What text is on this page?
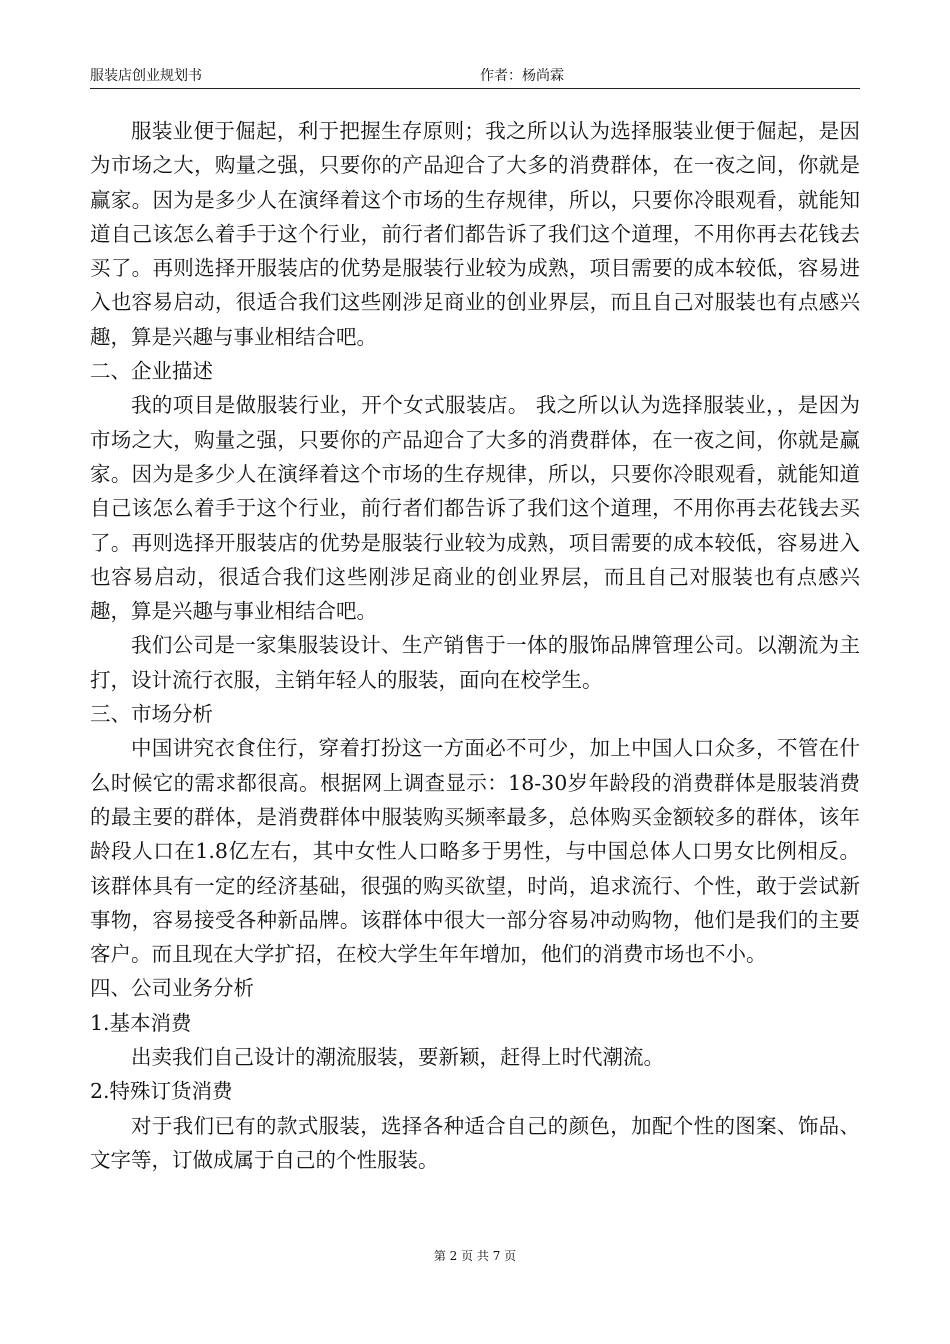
服装店创业规划书	作者：杨尚霖

服装业便于倔起，利于把握生存原则；我之所以认为选择服装业便于倔起，是因为市场之大，购量之强，只要你的产品迎合了大多的消费群体，在一夜之间，你就是赢家。因为是多少人在演绎着这个市场的生存规律，所以，只要你冷眼观看，就能知道自己该怎么着手于这个行业，前行者们都告诉了我们这个道理，不用你再去花钱去买了。再则选择开服装店的优势是服装行业较为成熟，项目需要的成本较低，容易进入也容易启动，很适合我们这些刚涉足商业的创业界层，而且自己对服装也有点感兴趣，算是兴趣与事业相结合吧。

二、企业描述

我的项目是做服装行业，开个女式服装店。 我之所以认为选择服装业，，是因为市场之大，购量之强，只要你的产品迎合了大多的消费群体，在一夜之间，你就是赢家。因为是多少人在演绎着这个市场的生存规律，所以，只要你冷眼观看，就能知道自己该怎么着手于这个行业，前行者们都告诉了我们这个道理，不用你再去花钱去买了。再则选择开服装店的优势是服装行业较为成熟，项目需要的成本较低，容易进入也容易启动，很适合我们这些刚涉足商业的创业界层，而且自己对服装也有点感兴趣，算是兴趣与事业相结合吧。

我们公司是一家集服装设计、生产销售于一体的服饰品牌管理公司。以潮流为主打，设计流行衣服，主销年轻人的服装，面向在校学生。

三、市场分析

中国讲究衣食住行，穿着打扮这一方面必不可少，加上中国人口众多，不管在什么时候它的需求都很高。根据网上调查显示：18-30岁年龄段的消费群体是服装消费的最主要的群体，是消费群体中服装购买频率最多，总体购买金额较多的群体，该年龄段人口在1.8亿左右，其中女性人口略多于男性，与中国总体人口男女比例相反。该群体具有一定的经济基础，很强的购买欲望，时尚，追求流行、个性，敢于尝试新事物，容易接受各种新品牌。该群体中很大一部分容易冲动购物，他们是我们的主要客户。而且现在大学扩招，在校大学生年年增加，他们的消费市场也不小。

四、公司业务分析

1.基本消费

出卖我们自己设计的潮流服装，要新颖，赶得上时代潮流。

2.特殊订货消费

对于我们已有的款式服装，选择各种适合自己的颜色，加配个性的图案、饰品、文字等，订做成属于自己的个性服装。

第 2 页 共 7 页
